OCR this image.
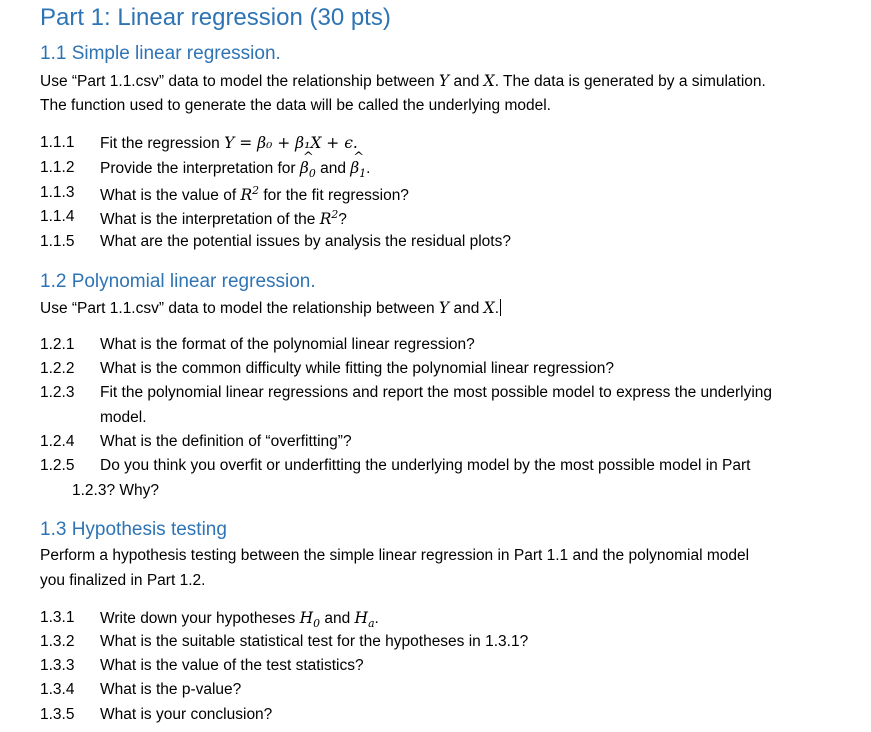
Part 1: Linear regression (30 pts)
1.1 Simple linear regression.
Use “Part 1.1.csv” data to model the relationship between Y and X. The data is generated by a simulation.
The function used to generate the data will be called the underlying model.
1.1.1 Fit the regression Y = β₀ + β₁X + ϵ.
1.1.2 Provide the interpretation for ^ $\beta_0$ and ^ $\beta_1$.
1.1.3 What is the value of $R^2$ for the fit regression?
1.1.4 What is the interpretation of the $R^2$?
1.1.5 What are the potential issues by analysis the residual plots?
1.2 Polynomial linear regression.
Use “Part 1.1.csv” data to model the relationship between Y and X.
1.2.1 What is the format of the polynomial linear regression?
1.2.2 What is the common difficulty while fitting the polynomial linear regression?
1.2.3 Fit the polynomial linear regressions and report the most possible model to express the underlying
model.
1.2.4 What is the definition of “overfitting”?
1.2.5 Do you think you overfit or underfitting the underlying model by the most possible model in Part
1.2.3? Why?
1.3 Hypothesis testing
Perform a hypothesis testing between the simple linear regression in Part 1.1 and the polynomial model
you finalized in Part 1.2.
1.3.1 Write down your hypotheses $H_0$ and $H_a$.
1.3.2 What is the suitable statistical test for the hypotheses in 1.3.1?
1.3.3 What is the value of the test statistics?
1.3.4 What is the p-value?
1.3.5 What is your conclusion?
